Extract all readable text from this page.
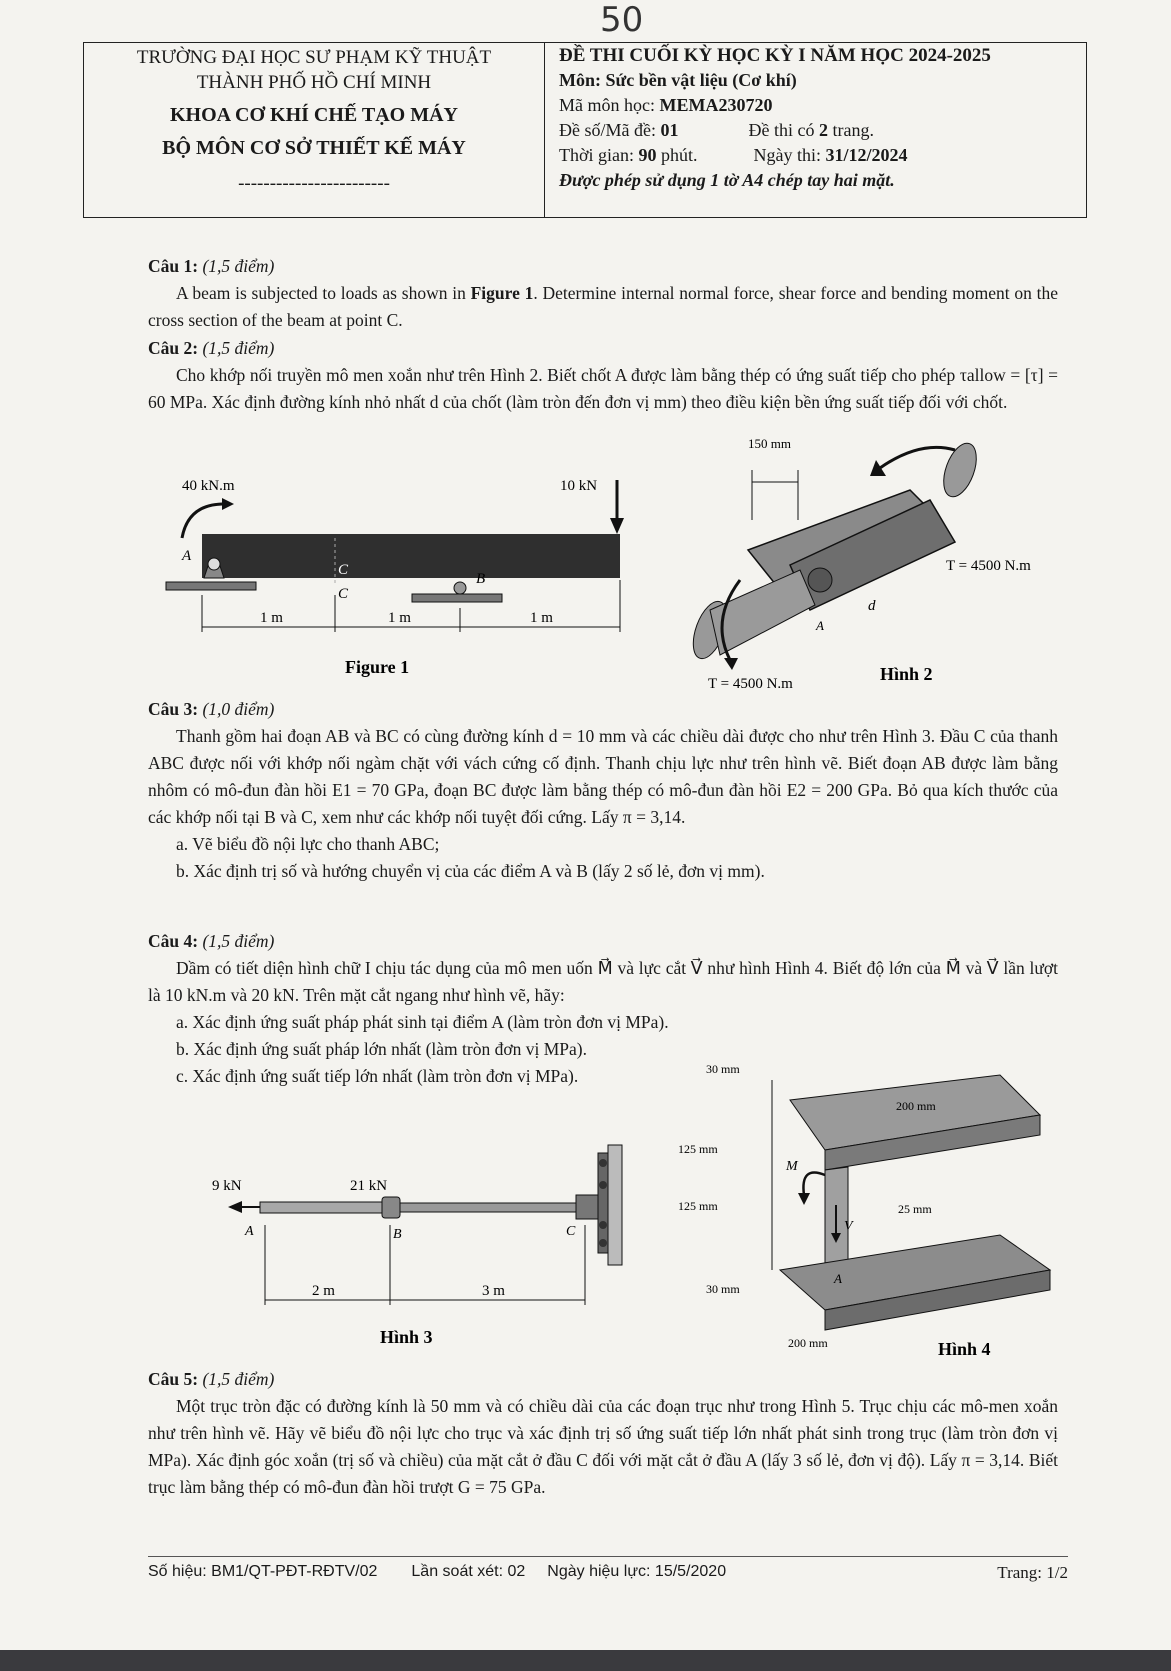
50
TRƯỜNG ĐẠI HỌC SƯ PHẠM KỸ THUẬT
THÀNH PHỐ HỒ CHÍ MINH
KHOA CƠ KHÍ CHẾ TẠO MÁY
BỘ MÔN CƠ SỞ THIẾT KẾ MÁY
------------------------
ĐỀ THI CUỐI KỲ HỌC KỲ I NĂM HỌC 2024-2025
Môn: Sức bền vật liệu (Cơ khí)
Mã môn học: MEMA230720
Đề số/Mã đề: 01	Đề thi có 2 trang.
Thời gian: 90 phút.	Ngày thi: 31/12/2024
Được phép sử dụng 1 tờ A4 chép tay hai mặt.
Câu 1: (1,5 điểm)

A beam is subjected to loads as shown in Figure 1. Determine internal normal force, shear force and bending moment on the cross section of the beam at point C.

Câu 2: (1,5 điểm)

Cho khớp nối truyền mô men xoắn như trên Hình 2. Biết chốt A được làm bằng thép có ứng suất tiếp cho phép τallow = [τ] = 60 MPa. Xác định đường kính nhỏ nhất d của chốt (làm tròn đến đơn vị mm) theo điều kiện bền ứng suất tiếp đối với chốt.

40 kN.m	10 kN
A
C
C
B
1 m	1 m	1 m
Figure 1
150 mm
d
A
T = 4500 N.m
T = 4500 N.m	Hình 2
Câu 3: (1,0 điểm)

Thanh gồm hai đoạn AB và BC có cùng đường kính d = 10 mm và các chiều dài được cho như trên Hình 3. Đầu C của thanh ABC được nối với khớp nối ngàm chặt với vách cứng cố định. Thanh chịu lực như trên hình vẽ. Biết đoạn AB được làm bằng nhôm có mô-đun đàn hồi E1 = 70 GPa, đoạn BC được làm bằng thép có mô-đun đàn hồi E2 = 200 GPa. Bỏ qua kích thước của các khớp nối tại B và C, xem như các khớp nối tuyệt đối cứng. Lấy π = 3,14.

a. Vẽ biểu đồ nội lực cho thanh ABC;

b. Xác định trị số và hướng chuyển vị của các điểm A và B (lấy 2 số lẻ, đơn vị mm).

Câu 4: (1,5 điểm)

Dầm có tiết diện hình chữ I chịu tác dụng của mô men uốn M⃗ và lực cắt V⃗ như hình Hình 4. Biết độ lớn của M⃗ và V⃗ lần lượt là 10 kN.m và 20 kN. Trên mặt cắt ngang như hình vẽ, hãy:

a. Xác định ứng suất pháp phát sinh tại điểm A (làm tròn đơn vị MPa).

b. Xác định ứng suất pháp lớn nhất (làm tròn đơn vị MPa).

c. Xác định ứng suất tiếp lớn nhất (làm tròn đơn vị MPa).

9 kN	21 kN
A	B	C
2 m	3 m
Hình 3
30 mm
200 mm
125 mm
125 mm	25 mm
30 mm
200 mm
M⃗
V⃗
A
Hình 4
Câu 5: (1,5 điểm)

Một trục tròn đặc có đường kính là 50 mm và có chiều dài của các đoạn trục như trong Hình 5. Trục chịu các mô-men xoắn như trên hình vẽ. Hãy vẽ biểu đồ nội lực cho trục và xác định trị số ứng suất tiếp lớn nhất phát sinh trong trục (làm tròn đơn vị MPa). Xác định góc xoắn (trị số và chiều) của mặt cắt ở đầu C đối với mặt cắt ở đầu A (lấy 3 số lẻ, đơn vị độ). Lấy π = 3,14. Biết trục làm bằng thép có mô-đun đàn hồi trượt G = 75 GPa.

Số hiệu: BM1/QT-PĐT-RĐTV/02 Lần soát xét: 02 Ngày hiệu lực: 15/5/2020	Trang: 1/2
